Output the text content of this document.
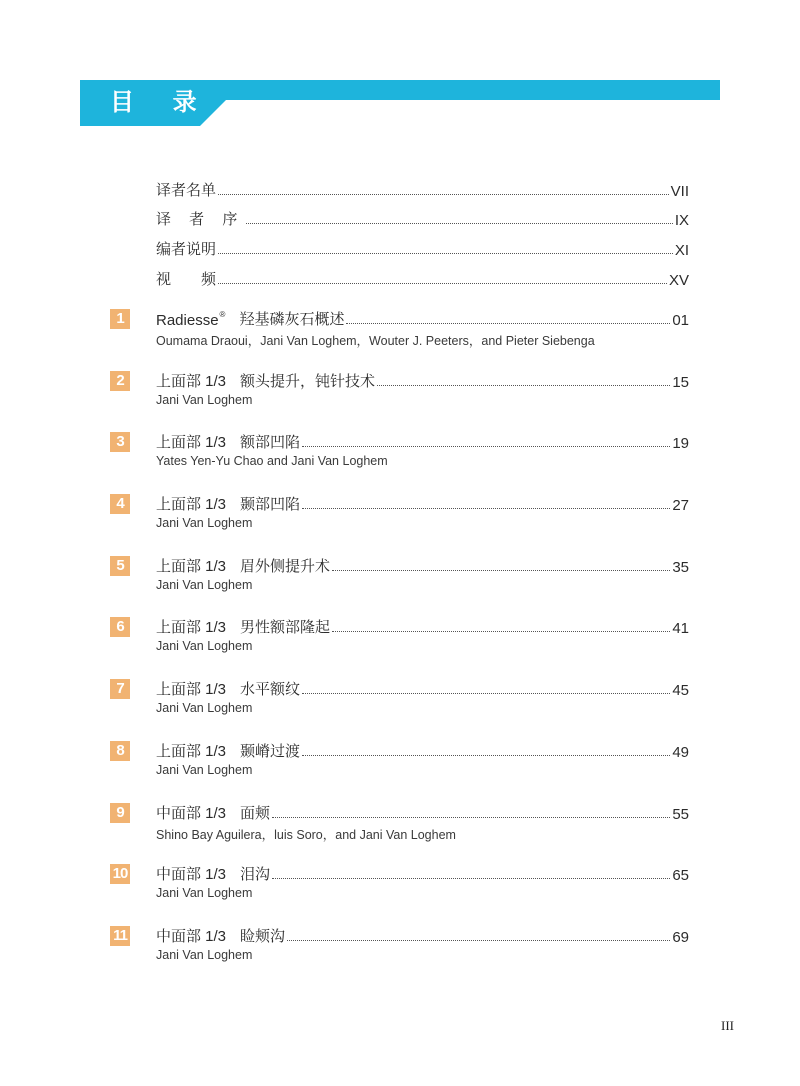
目 录
译者名单	VII
译 者 序	IX
编者说明	XI
视　　频	XV
1	Radiesse® 羟基磷灰石概述	01
Oumama Draoui，Jani Van Loghem，Wouter J. Peeters，and Pieter Siebenga
2	上面部 1/3 额头提升，钝针技术	15
Jani Van Loghem
3	上面部 1/3 额部凹陷	19
Yates Yen-Yu Chao and Jani Van Loghem
4	上面部 1/3 颞部凹陷	27
Jani Van Loghem
5	上面部 1/3 眉外侧提升术	35
Jani Van Loghem
6	上面部 1/3 男性额部隆起	41
Jani Van Loghem
7	上面部 1/3 水平额纹	45
Jani Van Loghem
8	上面部 1/3 颞嵴过渡	49
Jani Van Loghem
9	中面部 1/3 面颊	55
Shino Bay Aguilera，luis Soro，and Jani Van Loghem
10 中面部 1/3 泪沟	65
Jani Van Loghem
11 中面部 1/3 睑颊沟	69
Jani Van Loghem
III
